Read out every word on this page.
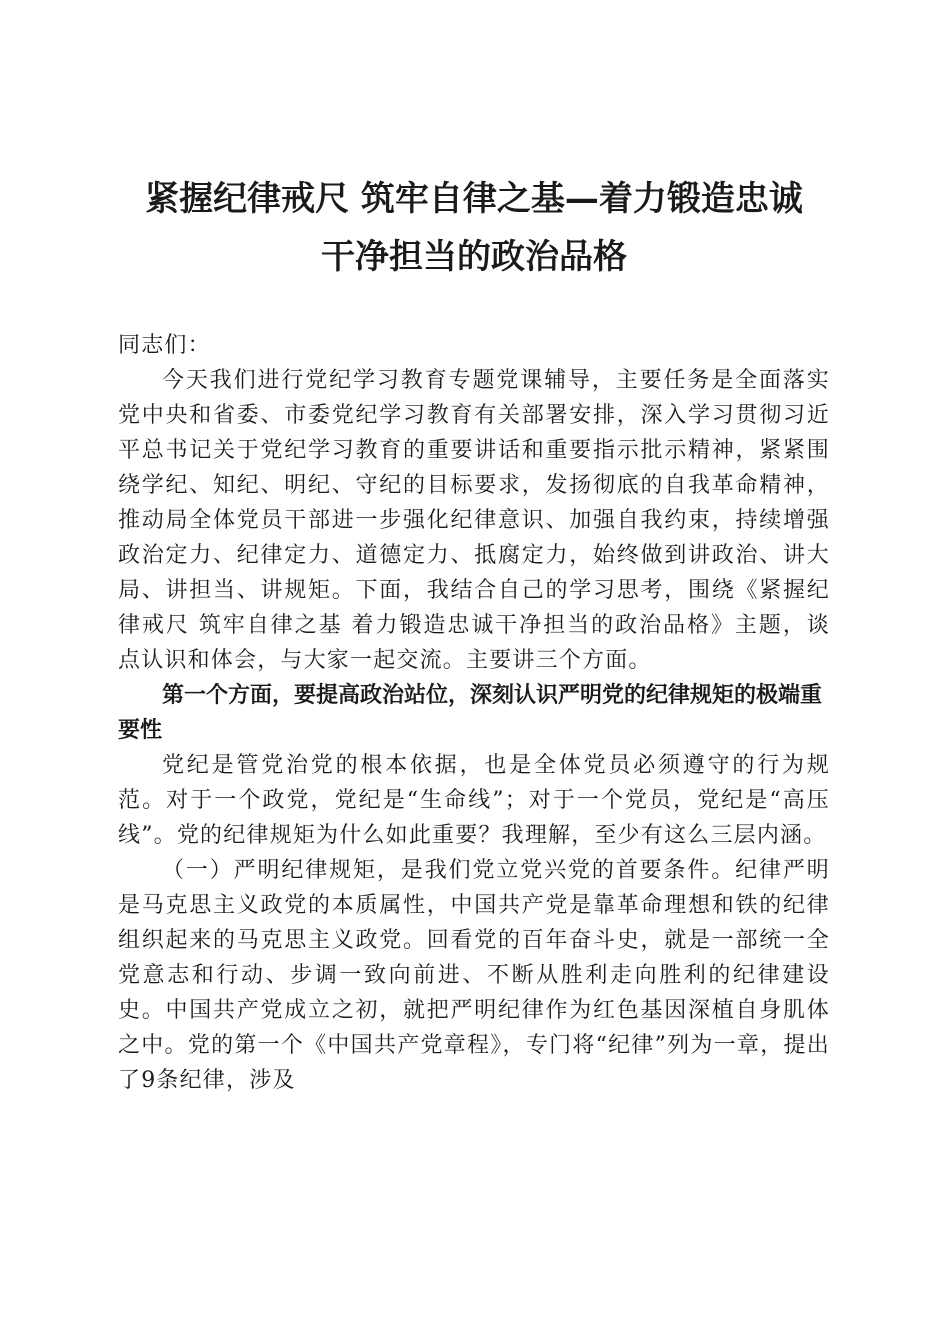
紧握纪律戒尺 筑牢自律之基—着力锻造忠诚
干净担当的政治品格

同志们：

今天我们进行党纪学习教育专题党课辅导，主要任务是全面落实党中央和省委、市委党纪学习教育有关部署安排，深入学习贯彻习近平总书记关于党纪学习教育的重要讲话和重要指示批示精神，紧紧围绕学纪、知纪、明纪、守纪的目标要求，发扬彻底的自我革命精神，推动局全体党员干部进一步强化纪律意识、加强自我约束，持续增强政治定力、纪律定力、道德定力、抵腐定力，始终做到讲政治、讲大局、讲担当、讲规矩。下面，我结合自己的学习思考，围绕《紧握纪律戒尺 筑牢自律之基 着力锻造忠诚干净担当的政治品格》主题，谈点认识和体会，与大家一起交流。主要讲三个方面。

第一个方面，要提高政治站位，深刻认识严明党的纪律规矩的极端重要性

党纪是管党治党的根本依据，也是全体党员必须遵守的行为规范。对于一个政党，党纪是“生命线”；对于一个党员，党纪是“高压线”。党的纪律规矩为什么如此重要？我理解，至少有这么三层内涵。

（一）严明纪律规矩，是我们党立党兴党的首要条件。纪律严明是马克思主义政党的本质属性，中国共产党是靠革命理想和铁的纪律组织起来的马克思主义政党。回看党的百年奋斗史，就是一部统一全党意志和行动、步调一致向前进、不断从胜利走向胜利的纪律建设史。中国共产党成立之初，就把严明纪律作为红色基因深植自身肌体之中。党的第一个《中国共产党章程》，专门将“纪律”列为一章，提出了9条纪律，涉及
